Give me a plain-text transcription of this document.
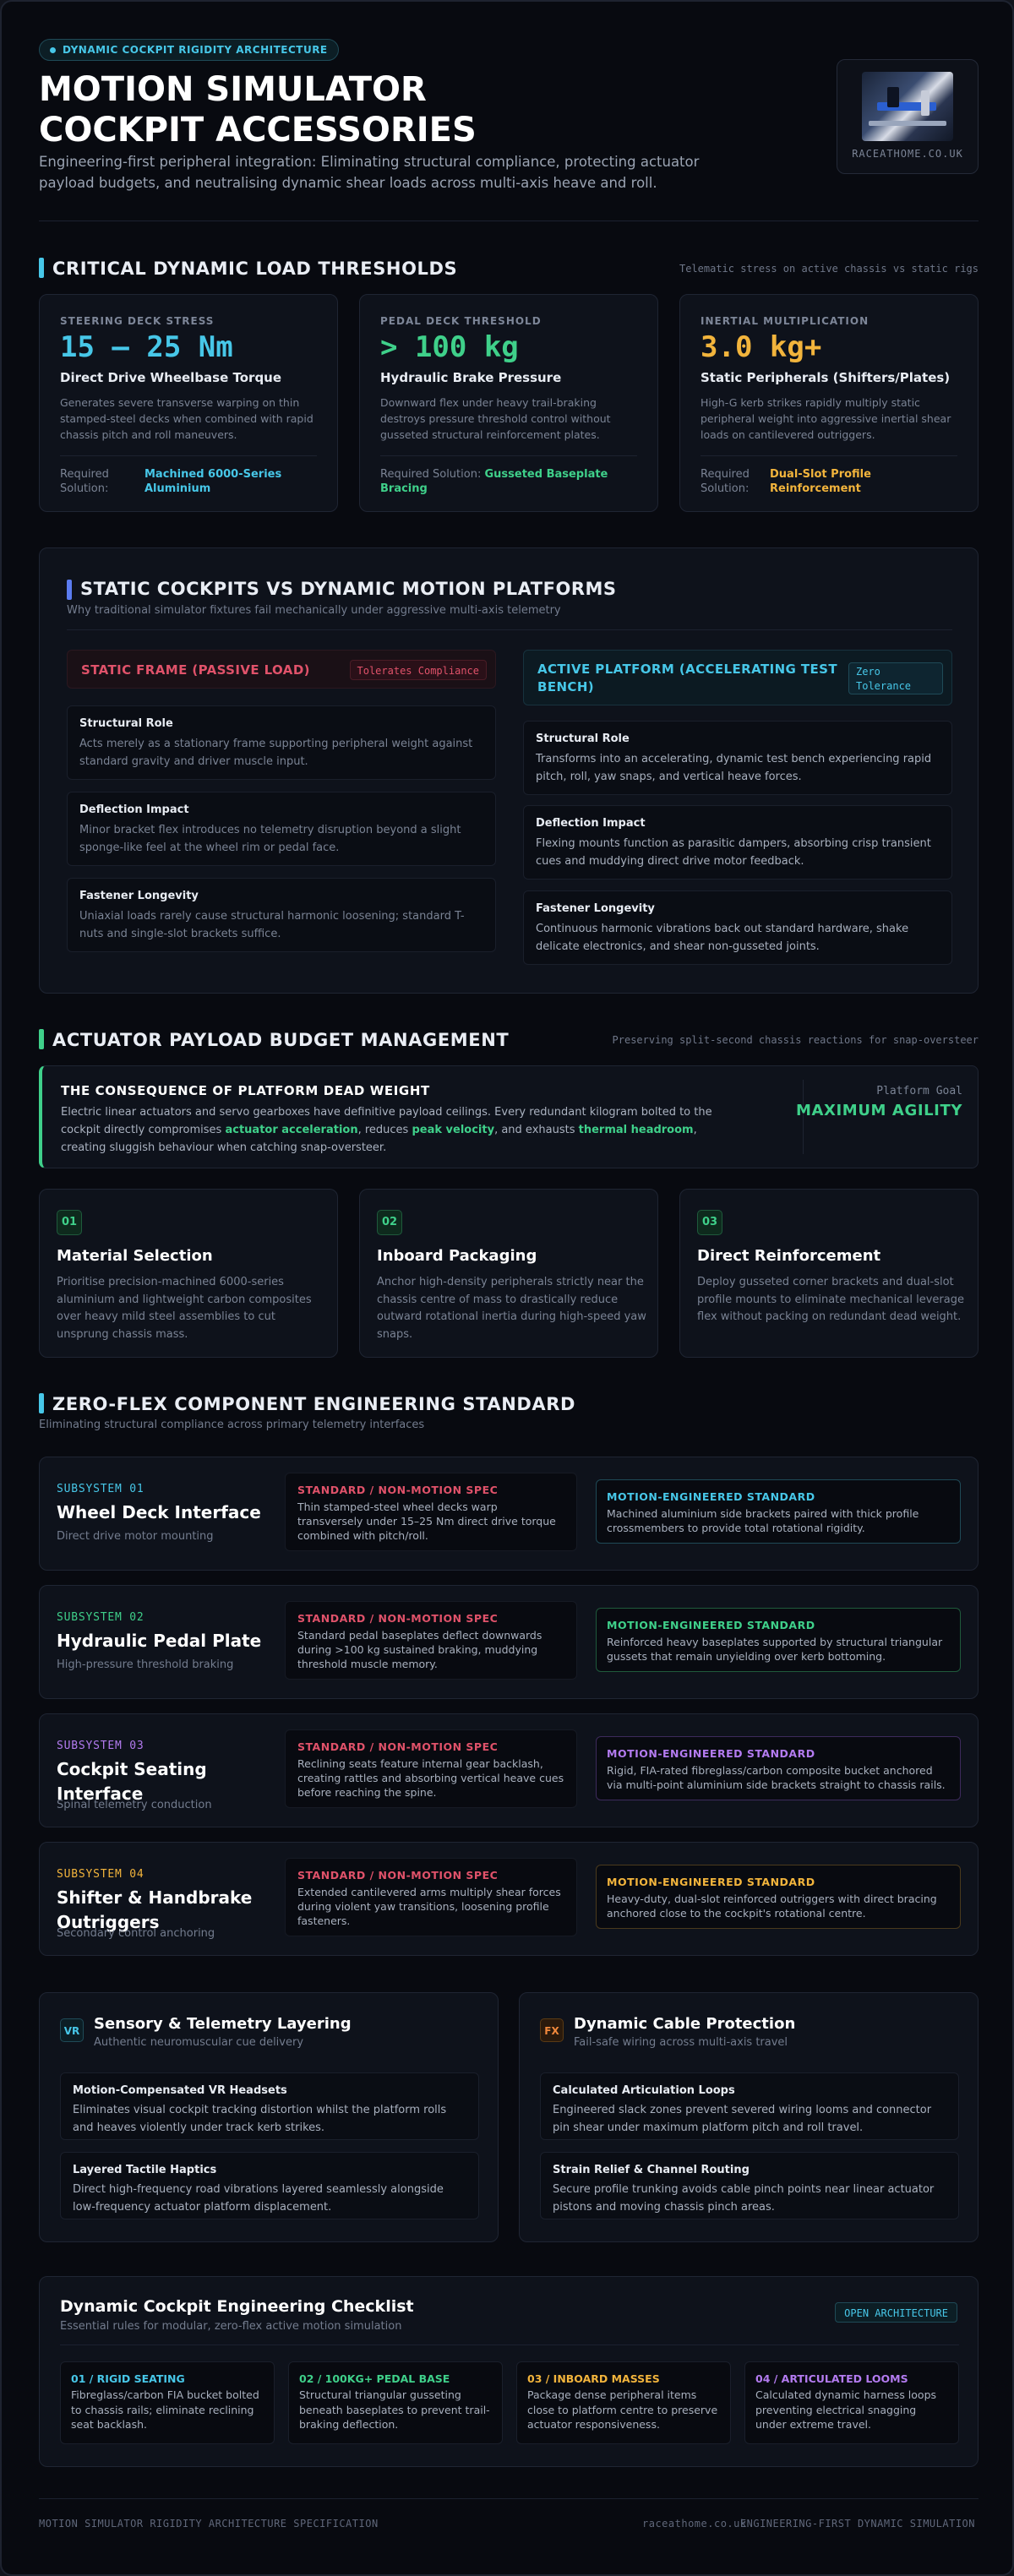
DYNAMIC COCKPIT RIGIDITY ARCHITECTURE
MOTION SIMULATOR COCKPIT ACCESSORIES
Engineering-first peripheral integration: Eliminating structural compliance, protecting actuator payload budgets, and neutralising dynamic shear loads across multi-axis heave and roll.
RACEATHOME.CO.UK
CRITICAL DYNAMIC LOAD THRESHOLDS	Telematic stress on active chassis vs static rigs
STEERING DECK STRESS
15 – 25 Nm
Direct Drive Wheelbase Torque
Generates severe transverse warping on thin stamped-steel decks when combined with rapid chassis pitch and roll maneuvers.
Required Solution:
Machined 6000-Series Aluminium
PEDAL DECK THRESHOLD
> 100 kg
Hydraulic Brake Pressure
Downward flex under heavy trail-braking destroys pressure threshold control without gusseted structural reinforcement plates.
Required Solution: Gusseted Baseplate Bracing
INERTIAL MULTIPLICATION
3.0 kg+
Static Peripherals (Shifters/Plates)
High-G kerb strikes rapidly multiply static peripheral weight into aggressive inertial shear loads on cantilevered outriggers.
Required Solution:
Dual-Slot Profile Reinforcement
STATIC COCKPITS VS DYNAMIC MOTION PLATFORMS
Why traditional simulator fixtures fail mechanically under aggressive multi-axis telemetry
STATIC FRAME (PASSIVE LOAD)	Tolerates Compliance
Structural Role
Acts merely as a stationary frame supporting peripheral weight against standard gravity and driver muscle input.
Deflection Impact
Minor bracket flex introduces no telemetry disruption beyond a slight sponge-like feel at the wheel rim or pedal face.
Fastener Longevity
Uniaxial loads rarely cause structural harmonic loosening; standard T-nuts and single-slot brackets suffice.
ACTIVE PLATFORM (ACCELERATING TEST BENCH)
Zero Tolerance
Structural Role
Transforms into an accelerating, dynamic test bench experiencing rapid pitch, roll, yaw snaps, and vertical heave forces.
Deflection Impact
Flexing mounts function as parasitic dampers, absorbing crisp transient cues and muddying direct drive motor feedback.
Fastener Longevity
Continuous harmonic vibrations back out standard hardware, shake delicate electronics, and shear non-gusseted joints.
ACTUATOR PAYLOAD BUDGET MANAGEMENT	Preserving split-second chassis reactions for snap-oversteer
THE CONSEQUENCE OF PLATFORM DEAD WEIGHT
Electric linear actuators and servo gearboxes have definitive payload ceilings. Every redundant kilogram bolted to the cockpit directly compromises actuator acceleration, reduces peak velocity, and exhausts thermal headroom, creating sluggish behaviour when catching snap-oversteer.
Platform Goal
MAXIMUM AGILITY
01
Material Selection
Prioritise precision-machined 6000-series aluminium and lightweight carbon composites over heavy mild steel assemblies to cut unsprung chassis mass.
02
Inboard Packaging
Anchor high-density peripherals strictly near the chassis centre of mass to drastically reduce outward rotational inertia during high-speed yaw snaps.
03
Direct Reinforcement
Deploy gusseted corner brackets and dual-slot profile mounts to eliminate mechanical leverage flex without packing on redundant dead weight.
ZERO-FLEX COMPONENT ENGINEERING STANDARD
Eliminating structural compliance across primary telemetry interfaces
SUBSYSTEM 01
Wheel Deck Interface
Direct drive motor mounting
STANDARD / NON-MOTION SPEC
Thin stamped-steel wheel decks warp transversely under 15–25 Nm direct drive torque combined with pitch/roll.
MOTION-ENGINEERED STANDARD
Machined aluminium side brackets paired with thick profile crossmembers to provide total rotational rigidity.
SUBSYSTEM 02
Hydraulic Pedal Plate
High-pressure threshold braking
STANDARD / NON-MOTION SPEC
Standard pedal baseplates deflect downwards during >100 kg sustained braking, muddying threshold muscle memory.
MOTION-ENGINEERED STANDARD
Reinforced heavy baseplates supported by structural triangular gussets that remain unyielding over kerb bottoming.
SUBSYSTEM 03
Cockpit Seating Interface
Spinal telemetry conduction
STANDARD / NON-MOTION SPEC
Reclining seats feature internal gear backlash, creating rattles and absorbing vertical heave cues before reaching the spine.
MOTION-ENGINEERED STANDARD
Rigid, FIA-rated fibreglass/carbon composite bucket anchored via multi-point aluminium side brackets straight to chassis rails.
SUBSYSTEM 04
Shifter & Handbrake Outriggers
Secondary control anchoring
STANDARD / NON-MOTION SPEC
Extended cantilevered arms multiply shear forces during violent yaw transitions, loosening profile fasteners.
MOTION-ENGINEERED STANDARD
Heavy-duty, dual-slot reinforced outriggers with direct bracing anchored close to the cockpit's rotational centre.
VR Sensory & Telemetry Layering
Authentic neuromuscular cue delivery
Motion-Compensated VR Headsets
Eliminates visual cockpit tracking distortion whilst the platform rolls and heaves violently under track kerb strikes.
Layered Tactile Haptics
Direct high-frequency road vibrations layered seamlessly alongside low-frequency actuator platform displacement.
FX Dynamic Cable Protection
Fail-safe wiring across multi-axis travel
Calculated Articulation Loops
Engineered slack zones prevent severed wiring looms and connector pin shear under maximum platform pitch and roll travel.
Strain Relief & Channel Routing
Secure profile trunking avoids cable pinch points near linear actuator pistons and moving chassis pinch areas.
Dynamic Cockpit Engineering Checklist
Essential rules for modular, zero-flex active motion simulation
OPEN ARCHITECTURE
01 / RIGID SEATING
Fibreglass/carbon FIA bucket bolted to chassis rails; eliminate reclining seat backlash.
02 / 100KG+ PEDAL BASE
Structural triangular gusseting beneath baseplates to prevent trail-braking deflection.
03 / INBOARD MASSES
Package dense peripheral items close to platform centre to preserve actuator responsiveness.
04 / ARTICULATED LOOMS
Calculated dynamic harness loops preventing electrical snagging under extreme travel.
MOTION SIMULATOR RIGIDITY ARCHITECTURE SPECIFICATION	raceathome.co.uk
ENGINEERING-FIRST DYNAMIC SIMULATION
